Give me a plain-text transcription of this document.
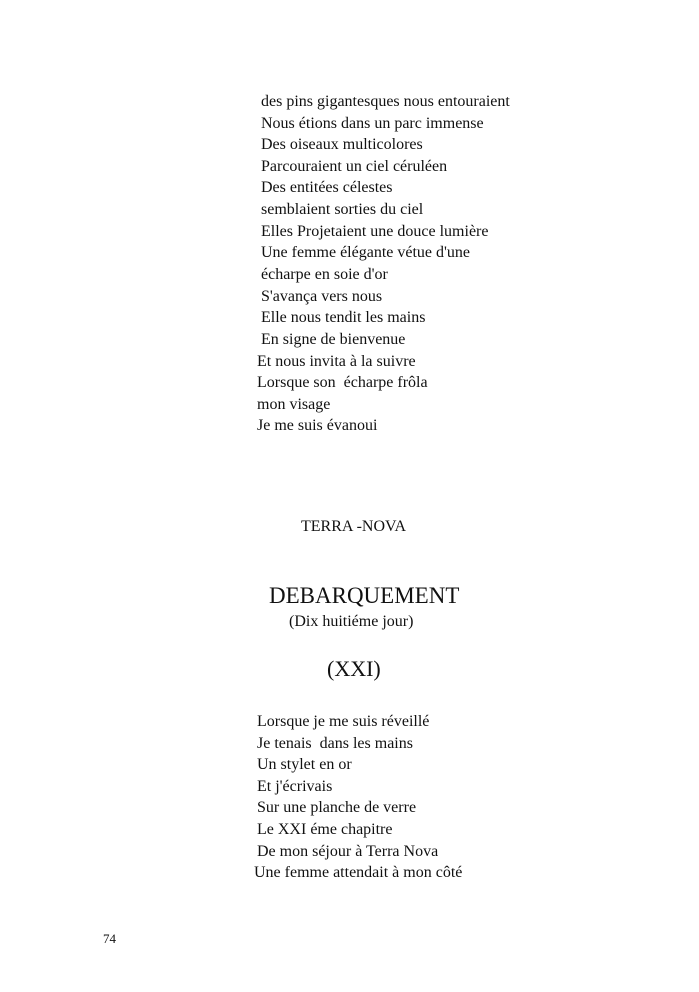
des pins gigantesques nous entouraient
Nous étions dans un parc immense
Des oiseaux multicolores
Parcouraient un ciel céruléen
Des entitées célestes
semblaient sorties du ciel
Elles Projetaient une douce lumière
Une femme élégante vétue d'une
écharpe en soie d'or
S'avança vers nous
Elle nous tendit les mains
En signe de bienvenue
Et nous invita à la suivre
Lorsque son  écharpe frôla
mon visage
Je me suis évanoui
TERRA -NOVA
DEBARQUEMENT
(Dix huitiéme jour)
(XXI)
Lorsque je me suis réveillé
Je tenais  dans les mains
Un stylet en or
Et j'écrivais
Sur une planche de verre
Le XXI éme chapitre
De mon séjour à Terra Nova
Une femme attendait à mon côté
74
